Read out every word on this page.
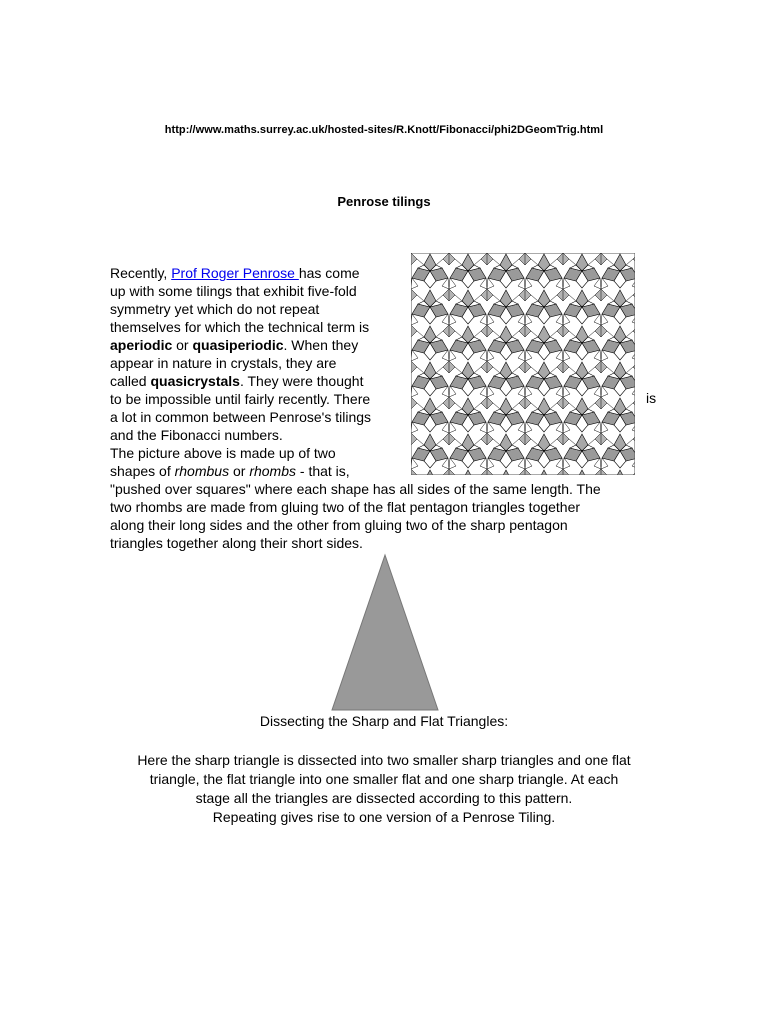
http://www.maths.surrey.ac.uk/hosted-sites/R.Knott/Fibonacci/phi2DGeomTrig.html
Penrose tilings
Recently, Prof Roger Penrose has come
up with some tilings that exhibit five-fold
symmetry yet which do not repeat
themselves for which the technical term is
aperiodic or quasiperiodic. When they
appear in nature in crystals, they are
called quasicrystals. They were thought
to be impossible until fairly recently. There
a lot in common between Penrose's tilings
and the Fibonacci numbers.
The picture above is made up of two
shapes of rhombus or rhombs - that is,
"pushed over squares" where each shape has all sides of the same length. The
two rhombs are made from gluing two of the flat pentagon triangles together
along their long sides and the other from gluing two of the sharp pentagon
triangles together along their short sides.
is
Dissecting the Sharp and Flat Triangles:
Here the sharp triangle is dissected into two smaller sharp triangles and one flat
triangle, the flat triangle into one smaller flat and one sharp triangle. At each
stage all the triangles are dissected according to this pattern.
Repeating gives rise to one version of a Penrose Tiling.
